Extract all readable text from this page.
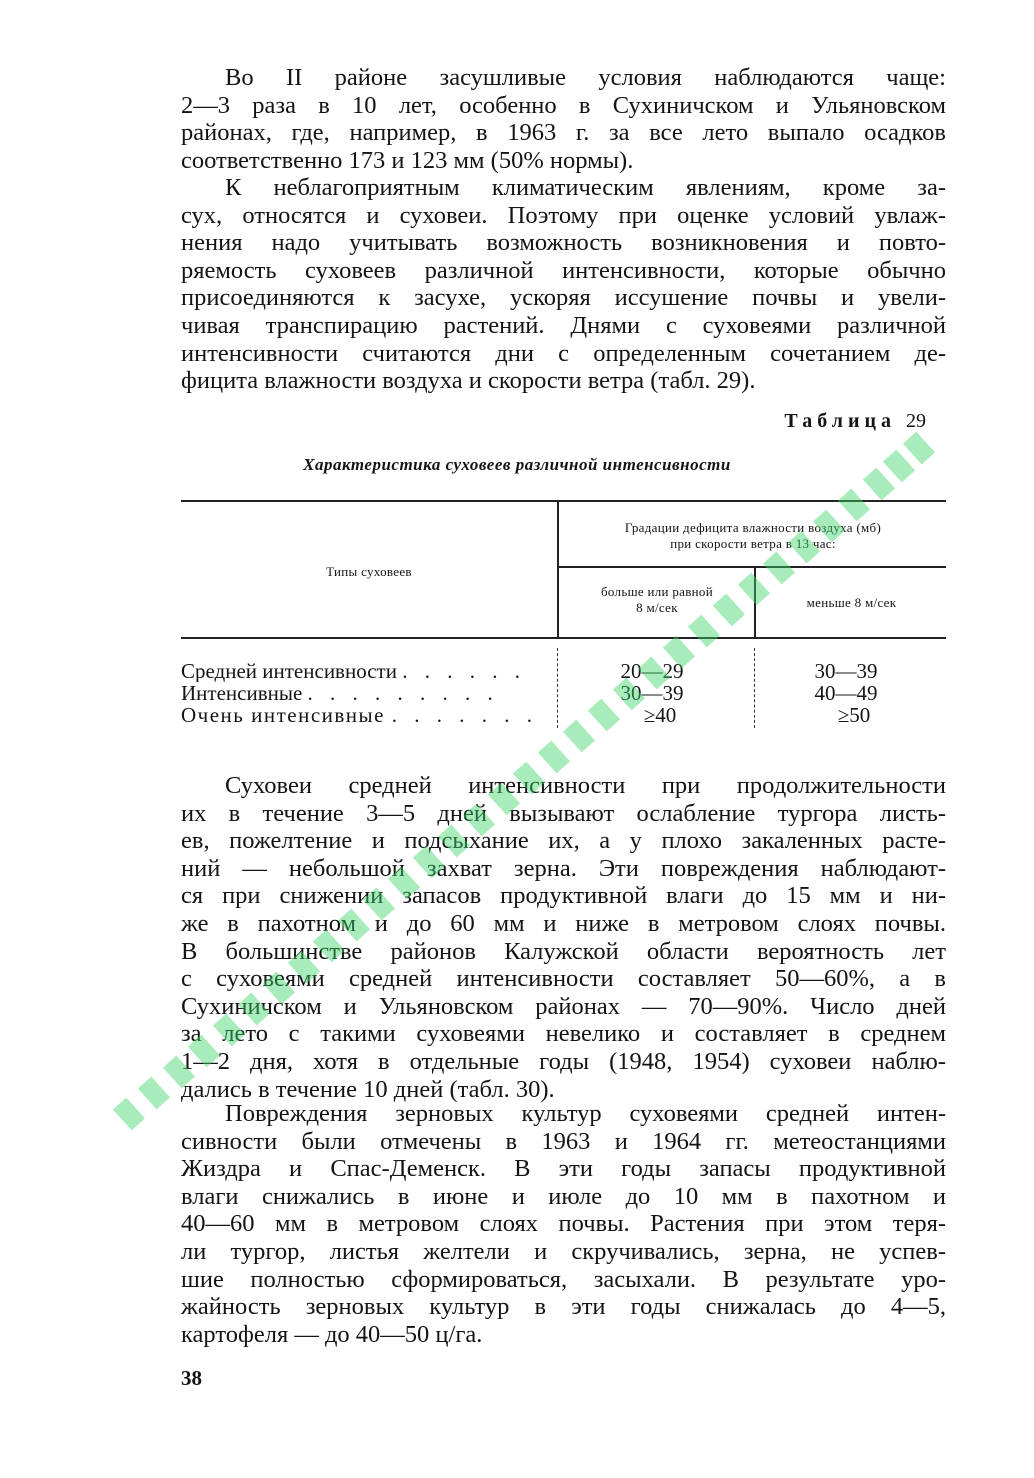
Во II районе засушливые условия наблюдаются чаще:
2—3 раза в 10 лет, особенно в Сухиничском и Ульяновском
районах, где, например, в 1963 г. за все лето выпало осадков
соответственно 173 и 123 мм (50% нормы).
К неблагоприятным климатическим явлениям, кроме за-
сух, относятся и суховеи. Поэтому при оценке условий увлаж-
нения надо учитывать возможность возникновения и повто-
ряемость суховеев различной интенсивности, которые обычно
присоединяются к засухе, ускоряя иссушение почвы и увели-
чивая транспирацию растений. Днями с суховеями различной
интенсивности считаются дни с определенным сочетанием де-
фицита влажности воздуха и скорости ветра (табл. 29).
Таблица 29
Характеристика суховеев различной интенсивности
Типы суховеев
Градации дефицита влажности воздуха (мб)
при скорости ветра в 13 час:
больше или равной
8 м/сек	меньше 8 м/сек
Средней интенсивности . . . . . .	20—29	30—39
Интенсивные . . . . . . . . .	30—39	40—49
Очень интенсивные . . . . . . .	≥40	≥50
Суховеи средней интенсивности при продолжительности
их в течение 3—5 дней вызывают ослабление тургора листь-
ев, пожелтение и подсыхание их, а у плохо закаленных расте-
ний — небольшой захват зерна. Эти повреждения наблюдают-
ся при снижении запасов продуктивной влаги до 15 мм и ни-
же в пахотном и до 60 мм и ниже в метровом слоях почвы.
В большинстве районов Калужской области вероятность лет
с суховеями средней интенсивности составляет 50—60%, а в
Сухиничском и Ульяновском районах — 70—90%. Число дней
за лето с такими суховеями невелико и составляет в среднем
1—2 дня, хотя в отдельные годы (1948, 1954) суховеи наблю-
дались в течение 10 дней (табл. 30).
Повреждения зерновых культур суховеями средней интен-
сивности были отмечены в 1963 и 1964 гг. метеостанциями
Жиздра и Спас-Деменск. В эти годы запасы продуктивной
влаги снижались в июне и июле до 10 мм в пахотном и
40—60 мм в метровом слоях почвы. Растения при этом теря-
ли тургор, листья желтели и скручивались, зерна, не успев-
шие полностью сформироваться, засыхали. В результате уро-
жайность зерновых культур в эти годы снижалась до 4—5,
картофеля — до 40—50 ц/га.
38
